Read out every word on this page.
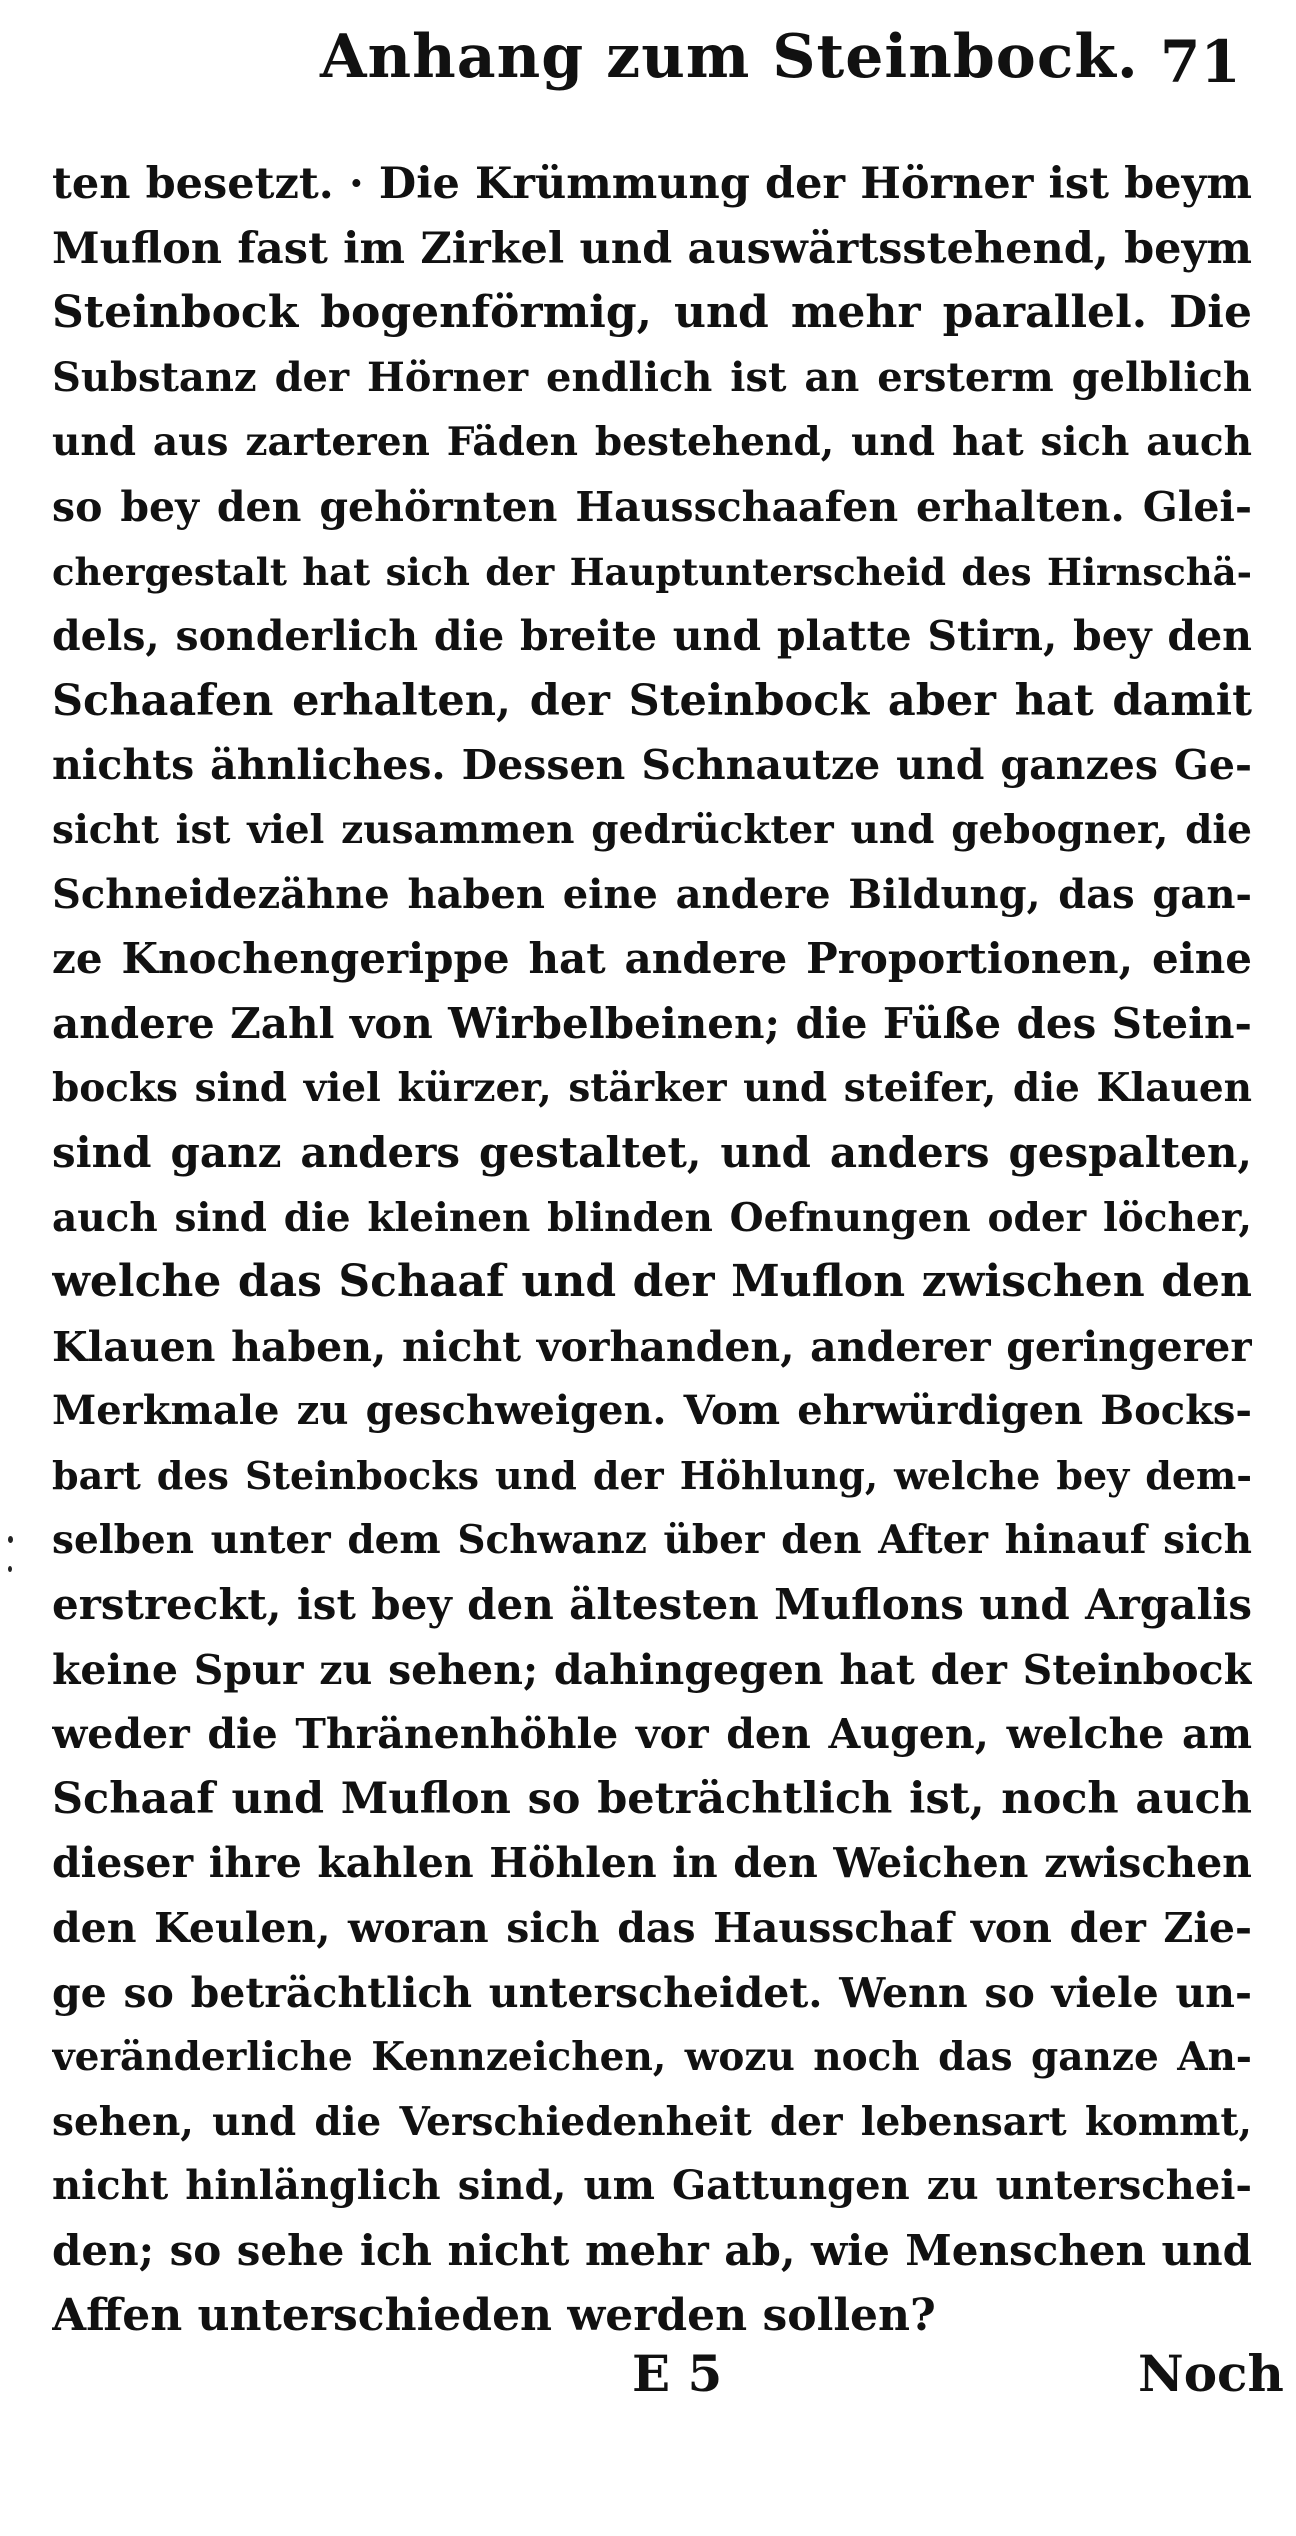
Anhang zum Steinbock. 71
ten besetzt. · Die Krümmung der Hörner ist beym
Muflon fast im Zirkel und auswärtsstehend, beym
Steinbock bogenförmig, und mehr parallel. Die
Substanz der Hörner endlich ist an ersterm gelblich
und aus zarteren Fäden bestehend, und hat sich auch
so bey den gehörnten Hausschaafen erhalten. Glei-
chergestalt hat sich der Hauptunterscheid des Hirnschä-
dels, sonderlich die breite und platte Stirn, bey den
Schaafen erhalten, der Steinbock aber hat damit
nichts ähnliches. Dessen Schnautze und ganzes Ge-
sicht ist viel zusammen gedrückter und gebogner, die
Schneidezähne haben eine andere Bildung, das gan-
ze Knochengerippe hat andere Proportionen, eine
andere Zahl von Wirbelbeinen; die Füße des Stein-
bocks sind viel kürzer, stärker und steifer, die Klauen
sind ganz anders gestaltet, und anders gespalten,
auch sind die kleinen blinden Oefnungen oder löcher,
welche das Schaaf und der Muflon zwischen den
Klauen haben, nicht vorhanden, anderer geringerer
Merkmale zu geschweigen. Vom ehrwürdigen Bocks-
bart des Steinbocks und der Höhlung, welche bey dem-
selben unter dem Schwanz über den After hinauf sich
erstreckt, ist bey den ältesten Muflons und Argalis
keine Spur zu sehen; dahingegen hat der Steinbock
weder die Thränenhöhle vor den Augen, welche am
Schaaf und Muflon so beträchtlich ist, noch auch
dieser ihre kahlen Höhlen in den Weichen zwischen
den Keulen, woran sich das Hausschaf von der Zie-
ge so beträchtlich unterscheidet. Wenn so viele un-
veränderliche Kennzeichen, wozu noch das ganze An-
sehen, und die Verschiedenheit der lebensart kommt,
nicht hinlänglich sind, um Gattungen zu unterschei-
den; so sehe ich nicht mehr ab, wie Menschen und
Affen unterschieden werden sollen?
E 5	Noch
